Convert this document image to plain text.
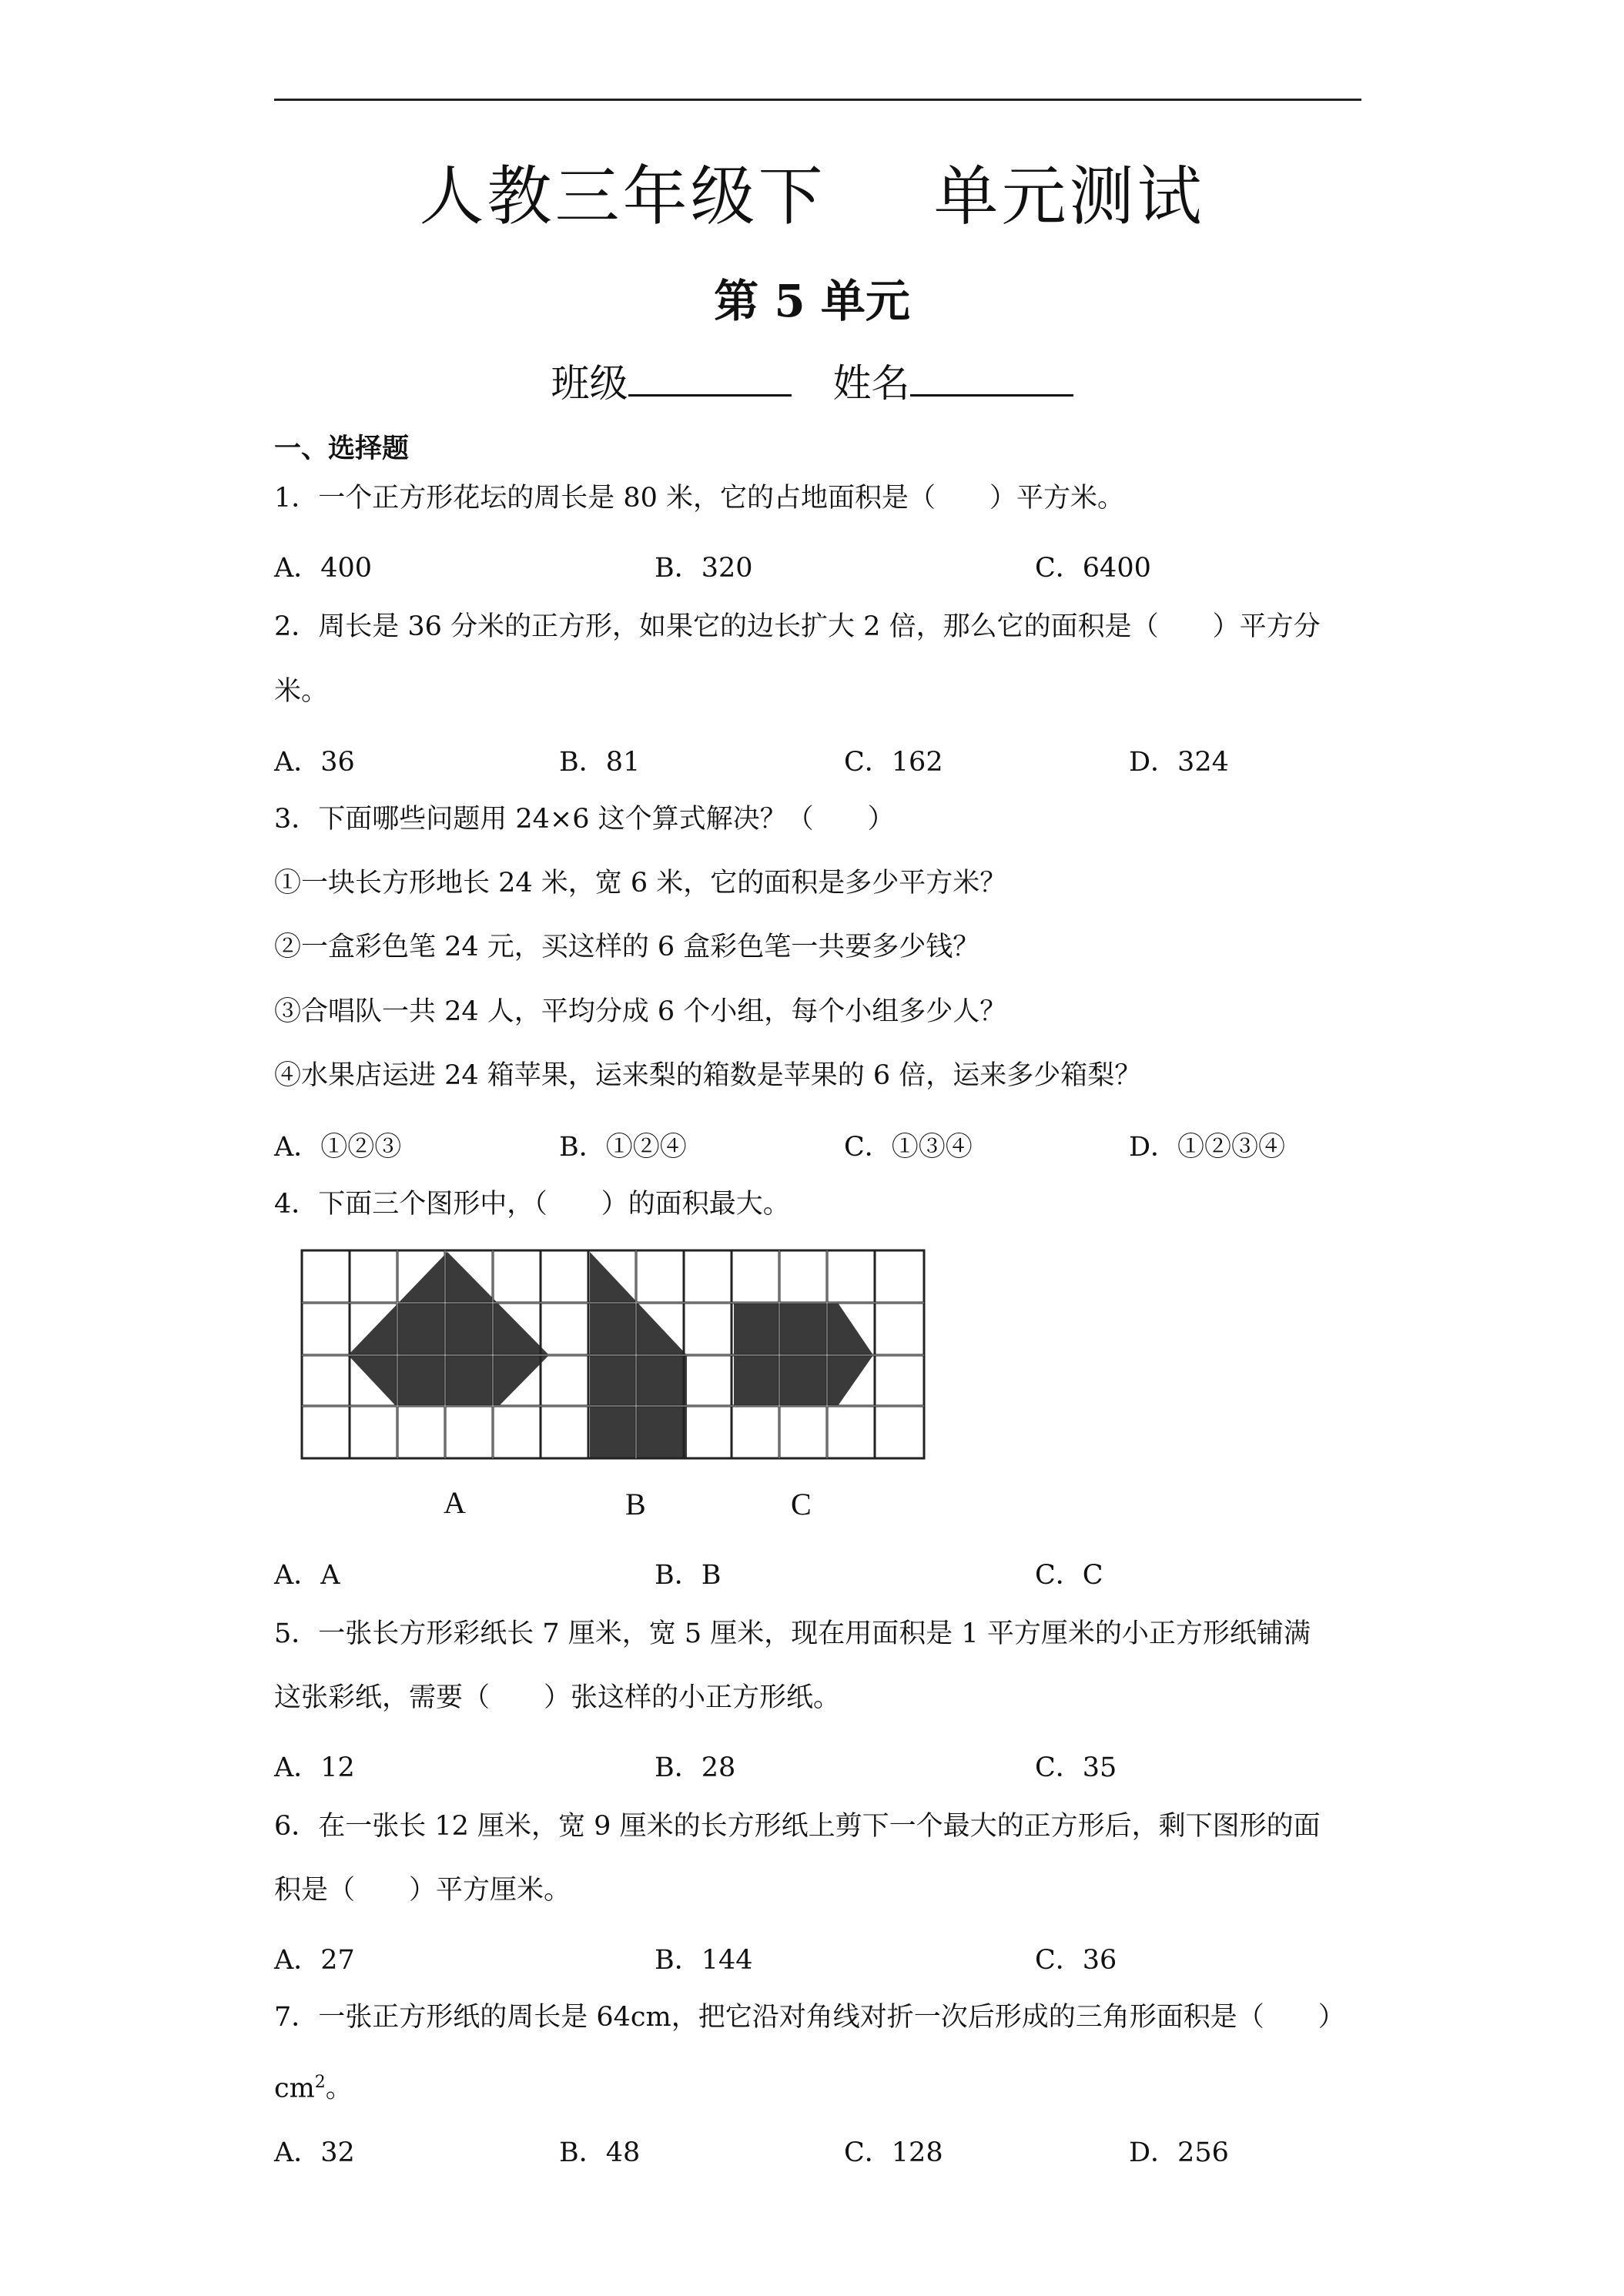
人教三年级下 单元测试
第 5 单元
班级	姓名
一、选择题
1．一个正方形花坛的周长是 80 米，它的占地面积是（　　）平方米。
A．400	B．320	C．6400
2．周长是 36 分米的正方形，如果它的边长扩大 2 倍，那么它的面积是（　　）平方分
米。
A．36	B．81	C．162	D．324
3．下面哪些问题用 24×6 这个算式解决？（　　）
①一块长方形地长 24 米，宽 6 米，它的面积是多少平方米？
②一盒彩色笔 24 元，买这样的 6 盒彩色笔一共要多少钱？
③合唱队一共 24 人，平均分成 6 个小组，每个小组多少人？
④水果店运进 24 箱苹果，运来梨的箱数是苹果的 6 倍，运来多少箱梨？
A．①②③	B．①②④	C．①③④	D．①②③④
4．下面三个图形中，（　　）的面积最大。
A	B	C
A．A	B．B	C．C
5．一张长方形彩纸长 7 厘米，宽 5 厘米，现在用面积是 1 平方厘米的小正方形纸铺满
这张彩纸，需要（　　）张这样的小正方形纸。
A．12	B．28	C．35
6．在一张长 12 厘米，宽 9 厘米的长方形纸上剪下一个最大的正方形后，剩下图形的面
积是（　　）平方厘米。
A．27	B．144	C．36
7．一张正方形纸的周长是 64cm，把它沿对角线对折一次后形成的三角形面积是（　　）
$cm^2$。
A．32	B．48	C．128	D．256
